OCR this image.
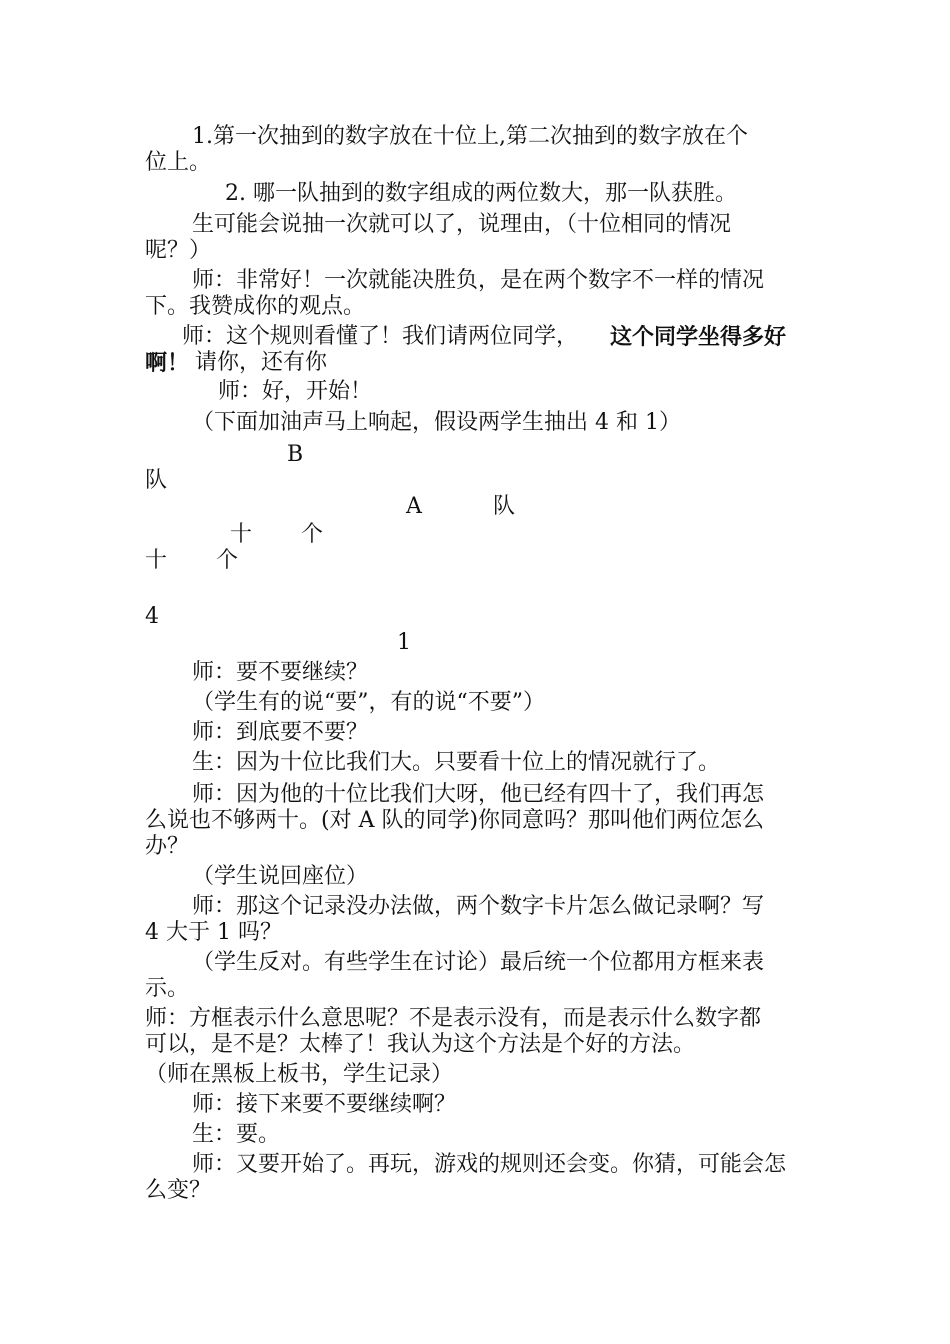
1.第一次抽到的数字放在十位上,第二次抽到的数字放在个
位上。
2. 哪一队抽到的数字组成的两位数大，那一队获胜。
生可能会说抽一次就可以了，说理由，（十位相同的情况
呢？）
师：非常好！一次就能决胜负，是在两个数字不一样的情况
下。我赞成你的观点。
师：这个规则看懂了！我们请两位同学， 这个同学坐得多好
啊！ 请你，还有你
师：好，开始！
（下面加油声马上响起，假设两学生抽出 4 和 1）
B
队
A	队
十 个
十 个
4
1
师：要不要继续？
（学生有的说“要”，有的说“不要”）
师：到底要不要？
生：因为十位比我们大。只要看十位上的情况就行了。
师：因为他的十位比我们大呀，他已经有四十了，我们再怎
么说也不够两十。(对 A 队的同学)你同意吗？那叫他们两位怎么
办？
（学生说回座位）
师：那这个记录没办法做，两个数字卡片怎么做记录啊？写
4 大于 1 吗？
（学生反对。有些学生在讨论）最后统一个位都用方框来表
示。
师：方框表示什么意思呢？不是表示没有，而是表示什么数字都
可以，是不是？太棒了！我认为这个方法是个好的方法。
（师在黑板上板书，学生记录）
师：接下来要不要继续啊？
生：要。
师：又要开始了。再玩，游戏的规则还会变。你猜，可能会怎
么变？
